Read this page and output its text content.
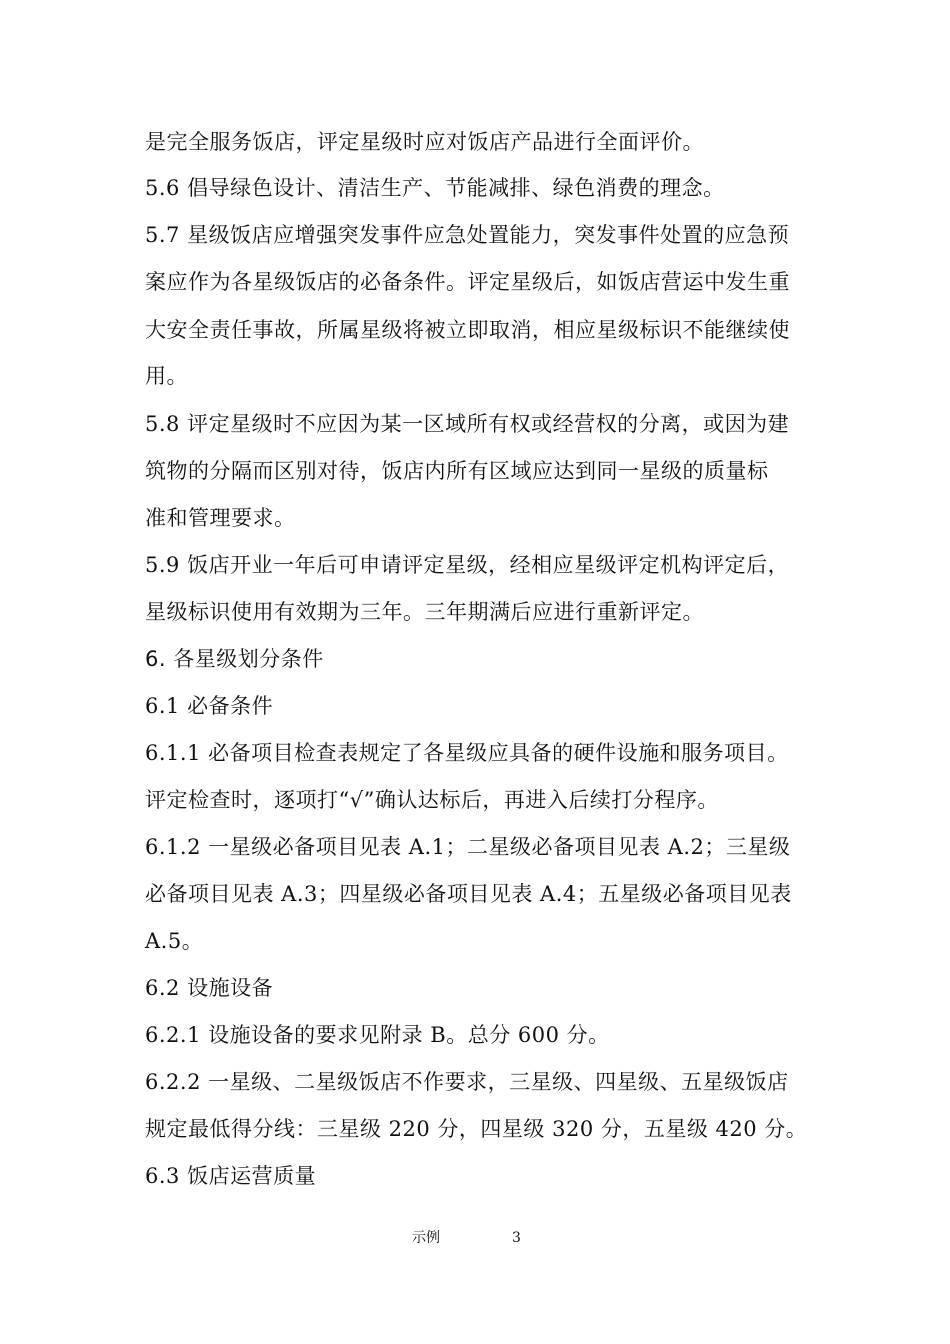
是完全服务饭店，评定星级时应对饭店产品进行全面评价。
5.6 倡导绿色设计、清洁生产、节能减排、绿色消费的理念。
5.7 星级饭店应增强突发事件应急处置能力，突发事件处置的应急预
案应作为各星级饭店的必备条件。评定星级后，如饭店营运中发生重
大安全责任事故，所属星级将被立即取消，相应星级标识不能继续使
用。
5.8 评定星级时不应因为某一区域所有权或经营权的分离，或因为建
筑物的分隔而区别对待，饭店内所有区域应达到同一星级的质量标
准和管理要求。
5.9 饭店开业一年后可申请评定星级，经相应星级评定机构评定后，
星级标识使用有效期为三年。三年期满后应进行重新评定。
6. 各星级划分条件
6.1 必备条件
6.1.1 必备项目检查表规定了各星级应具备的硬件设施和服务项目。
评定检查时，逐项打“√”确认达标后，再进入后续打分程序。
6.1.2 一星级必备项目见表 A.1；二星级必备项目见表 A.2；三星级
必备项目见表 A.3；四星级必备项目见表 A.4；五星级必备项目见表
A.5。
6.2 设施设备
6.2.1 设施设备的要求见附录 B。总分 600 分。
6.2.2 一星级、二星级饭店不作要求，三星级、四星级、五星级饭店
规定最低得分线：三星级 220 分，四星级 320 分，五星级 420 分。
6.3 饭店运营质量
示例	3
